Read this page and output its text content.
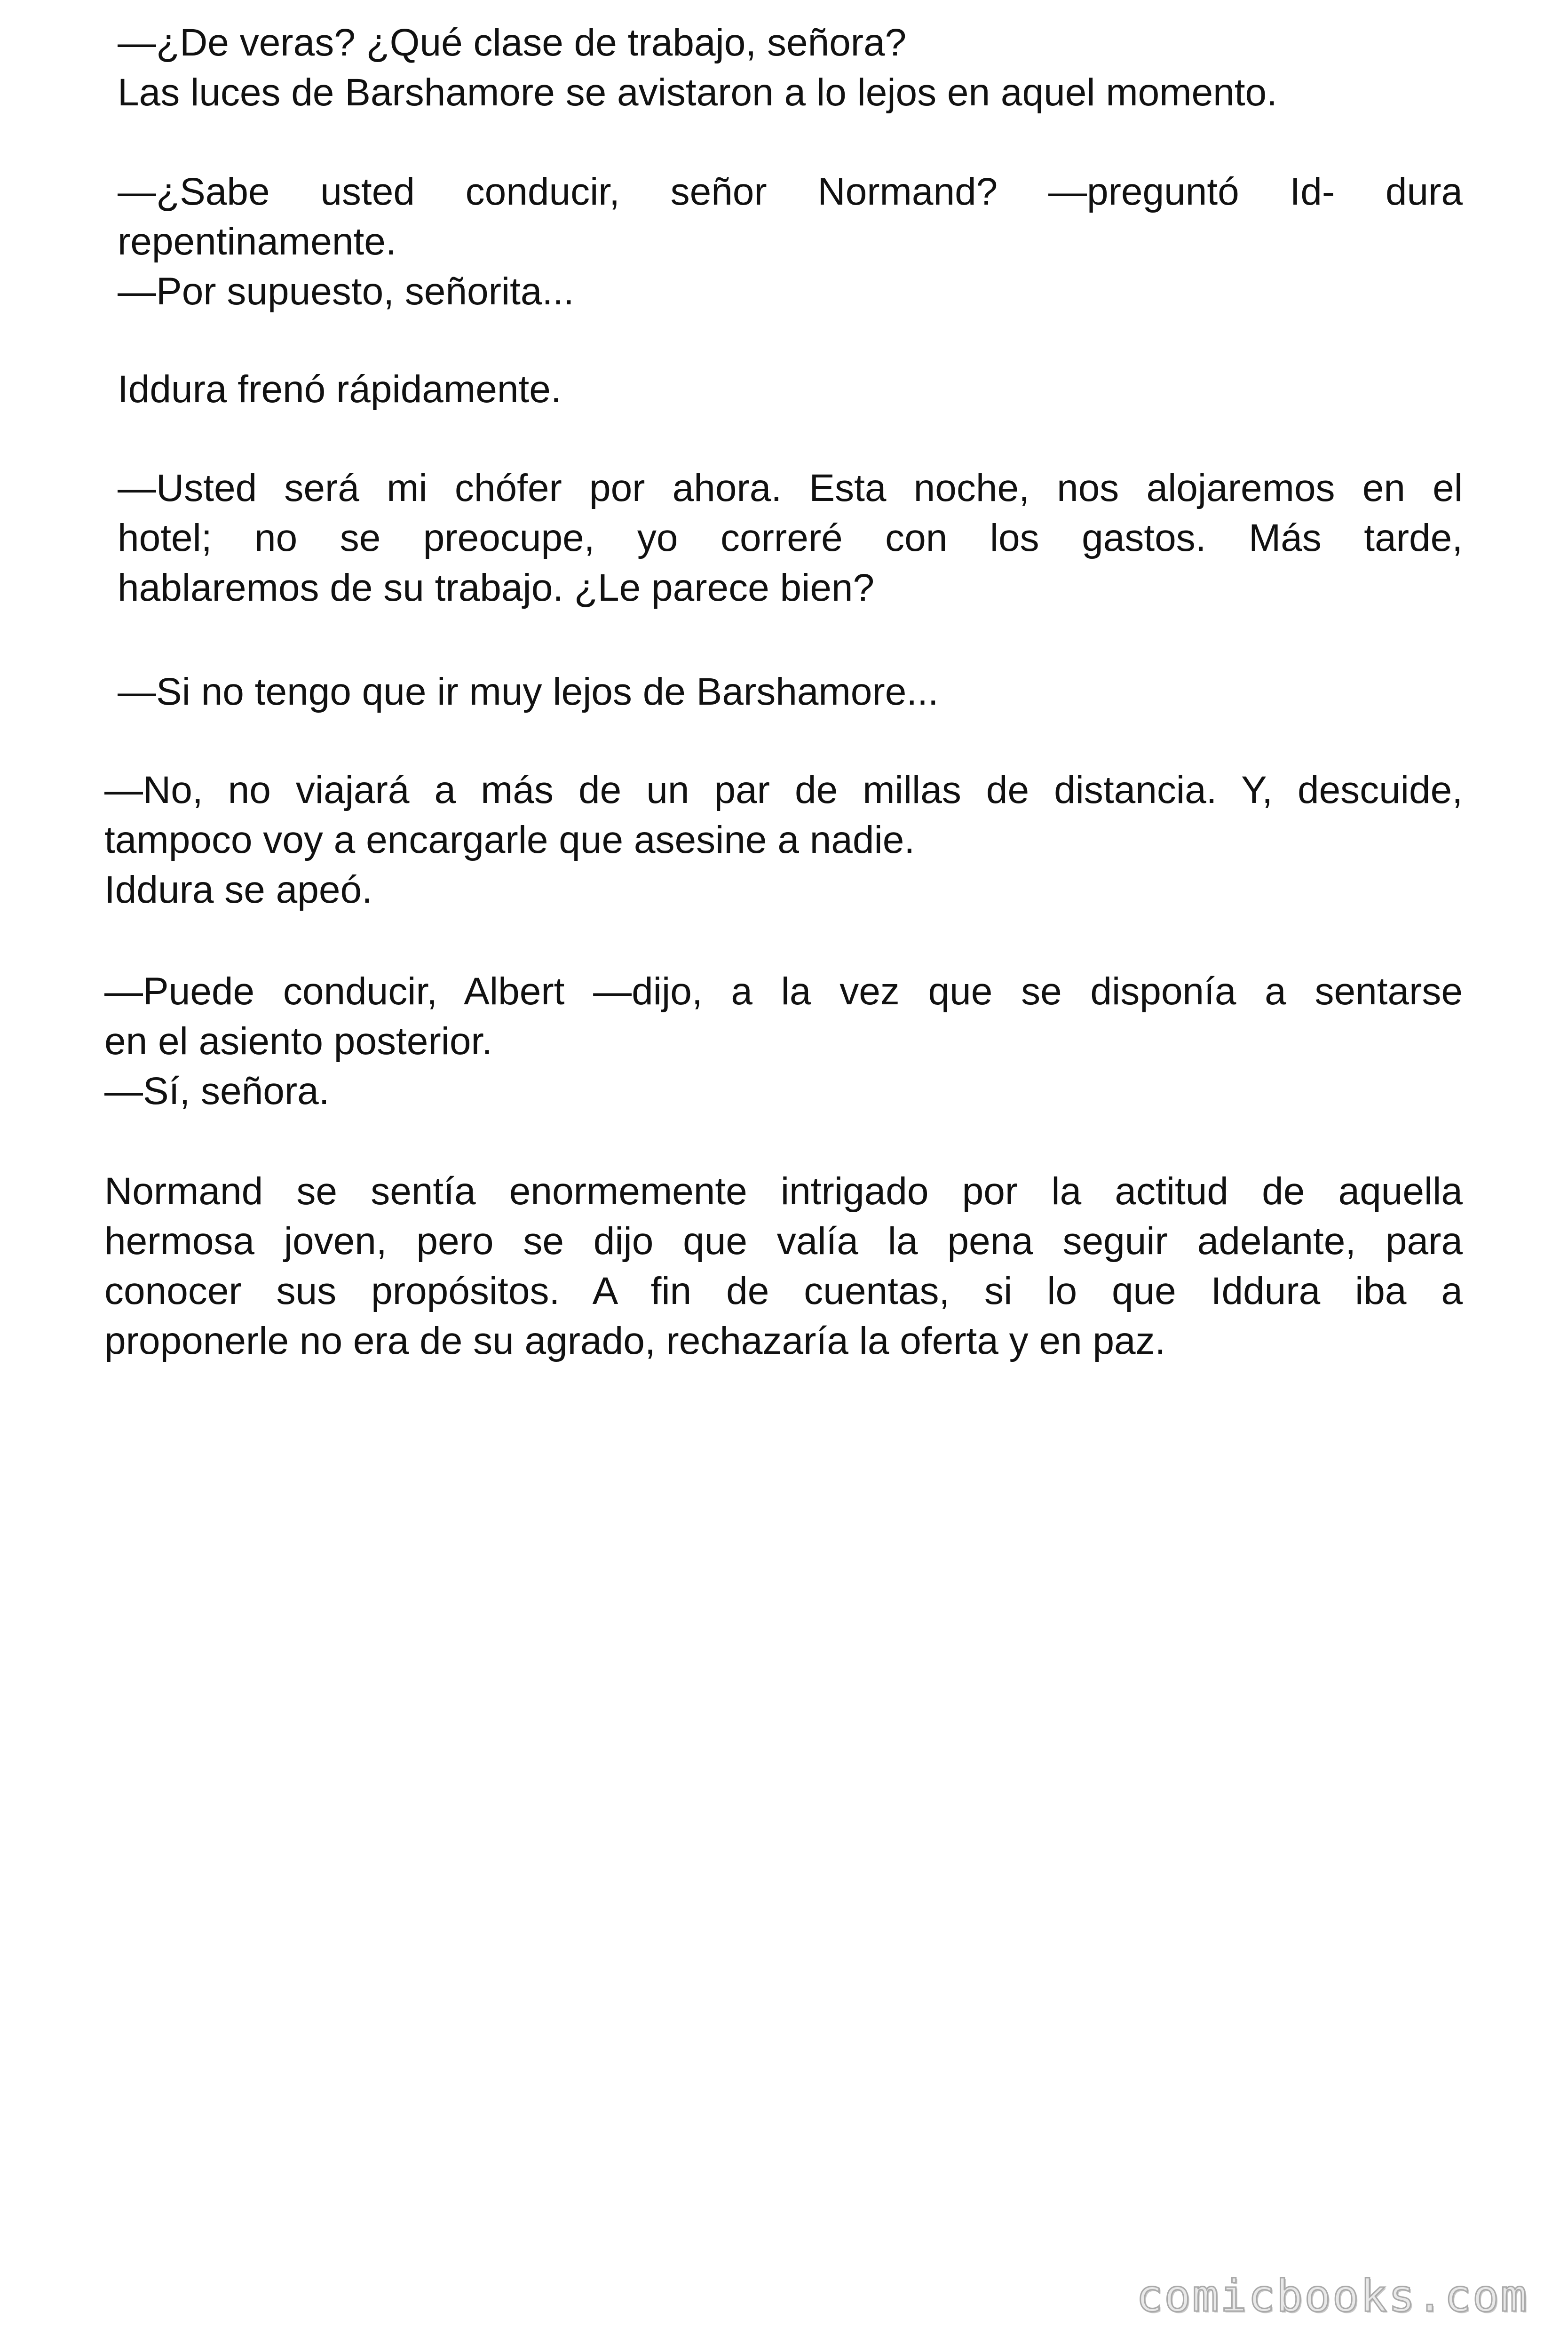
—¿De veras? ¿Qué clase de trabajo, señora?
Las luces de Barshamore se avistaron a lo lejos en aquel momento.

—¿Sabe usted conducir, señor Normand? —preguntó Id- dura
repentinamente.
—Por supuesto, señorita...

Iddura frenó rápidamente.

—Usted será mi chófer por ahora. Esta noche, nos alojaremos en el
hotel; no se preocupe, yo correré con los gastos. Más tarde,
hablaremos de su trabajo. ¿Le parece bien?

—Si no tengo que ir muy lejos de Barshamore...

—No, no viajará a más de un par de millas de distancia. Y, descuide,
tampoco voy a encargarle que asesine a nadie.
Iddura se apeó.

—Puede conducir, Albert —dijo, a la vez que se disponía a sentarse
en el asiento posterior.
—Sí, señora.

Normand se sentía enormemente intrigado por la actitud de aquella
hermosa joven, pero se dijo que valía la pena seguir adelante, para
conocer sus propósitos. A fin de cuentas, si lo que Iddura iba a
proponerle no era de su agrado, rechazaría la oferta y en paz.

comicbooks.com
